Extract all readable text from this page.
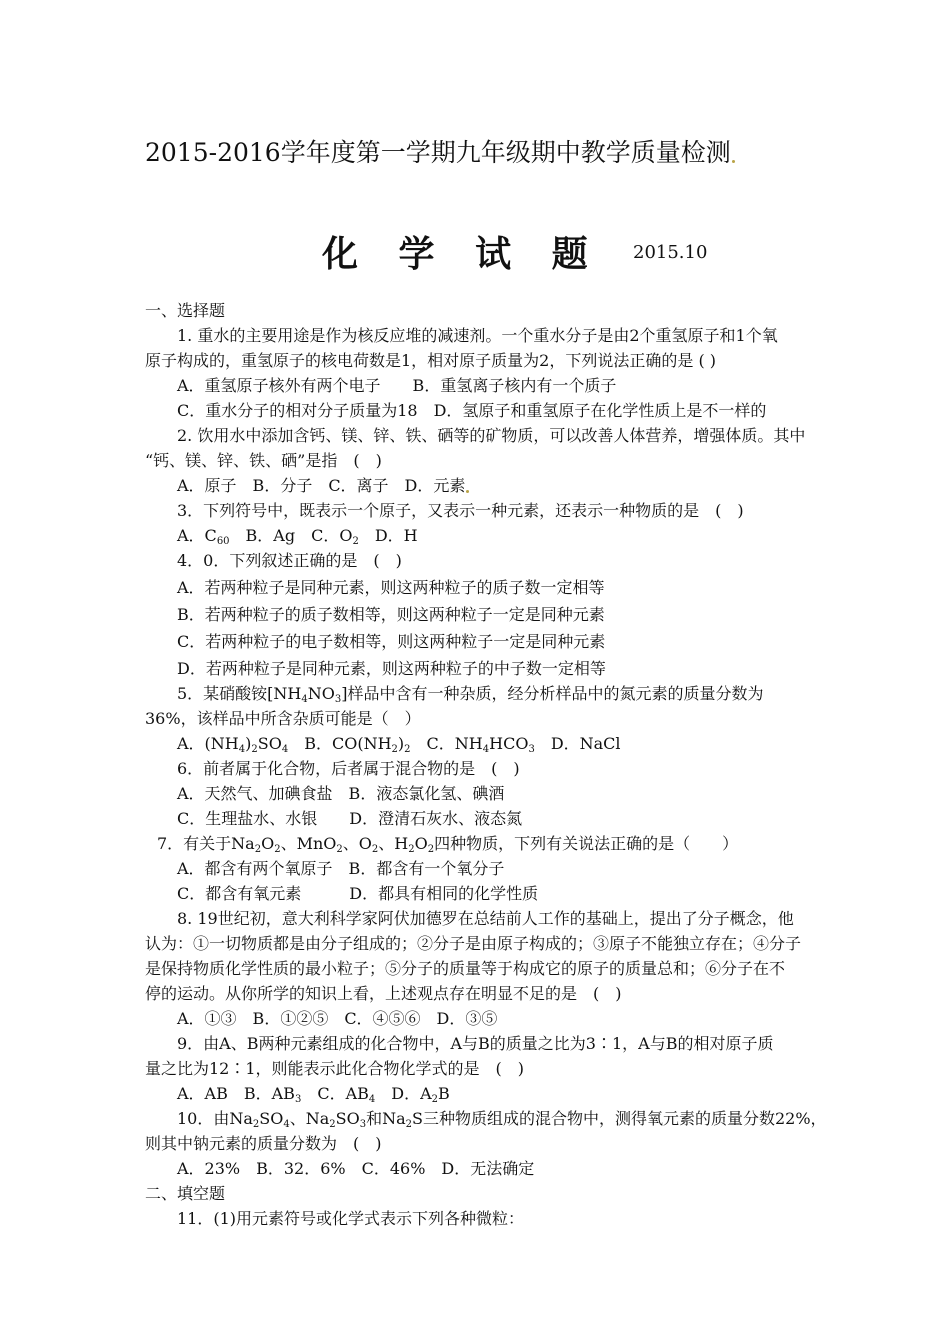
2015-2016学年度第一学期九年级期中教学质量检测
化 学 试 题 2015.10
一、选择题
1. 重水的主要用途是作为核反应堆的减速剂。一个重水分子是由2个重氢原子和1个氧
原子构成的，重氢原子的核电荷数是1，相对原子质量为2，下列说法正确的是 ( )
A．重氢原子核外有两个电子　　B．重氢离子核内有一个质子
C．重水分子的相对分子质量为18　D．氢原子和重氢原子在化学性质上是不一样的
2. 饮用水中添加含钙、镁、锌、铁、硒等的矿物质，可以改善人体营养，增强体质。其中
“钙、镁、锌、铁、硒”是指　(　)
A．原子　B．分子　C．离子　D．元素
3．下列符号中，既表示一个原子，又表示一种元素，还表示一种物质的是　(　)
A．$C_{60}$　B．Ag　C．$O_2$　D．H
4．0．下列叙述正确的是　(　)
A．若两种粒子是同种元素，则这两种粒子的质子数一定相等
B．若两种粒子的质子数相等，则这两种粒子一定是同种元素
C．若两种粒子的电子数相等，则这两种粒子一定是同种元素
D．若两种粒子是同种元素，则这两种粒子的中子数一定相等
5．某硝酸铵$[NH_4NO_3]$样品中含有一种杂质，经分析样品中的氮元素的质量分数为
36%，该样品中所含杂质可能是（　）
A．$(NH_4)_2SO_4$　B．$CO(NH_2)_2$　C．$NH_4HCO_3$　D．NaCl
6．前者属于化合物，后者属于混合物的是　(　)
A．天然气、加碘食盐　B．液态氯化氢、碘酒
C．生理盐水、水银　　D．澄清石灰水、液态氮
7．有关于$Na_2O_2$、MnO$_2$、$O_2$、$H_2O_2$四种物质，下列有关说法正确的是（　　）
A．都含有两个氧原子　B．都含有一个氧分子
C．都含有氧元素　　　D．都具有相同的化学性质
8. 19世纪初，意大利科学家阿伏加德罗在总结前人工作的基础上，提出了分子概念，他
认为：①一切物质都是由分子组成的；②分子是由原子构成的；③原子不能独立存在；④分子
是保持物质化学性质的最小粒子；⑤分子的质量等于构成它的原子的质量总和；⑥分子在不
停的运动。从你所学的知识上看，上述观点存在明显不足的是　(　)
A．①③　B．①②⑤　C．④⑤⑥　D．③⑤
9．由A、B两种元素组成的化合物中，A与B的质量之比为3∶1，A与B的相对原子质
量之比为12∶1，则能表示此化合物化学式的是　(　)
A．AB　B．$AB_3$　C．$AB_4$　D．$A_2B$
10．由$Na_2SO_4$、$Na_2SO_3$和$Na_2S$三种物质组成的混合物中，测得氧元素的质量分数22%，
则其中钠元素的质量分数为　(　)
A．23%　B．32．6%　C．46%　D．无法确定
二、填空题
11．(1)用元素符号或化学式表示下列各种微粒：
